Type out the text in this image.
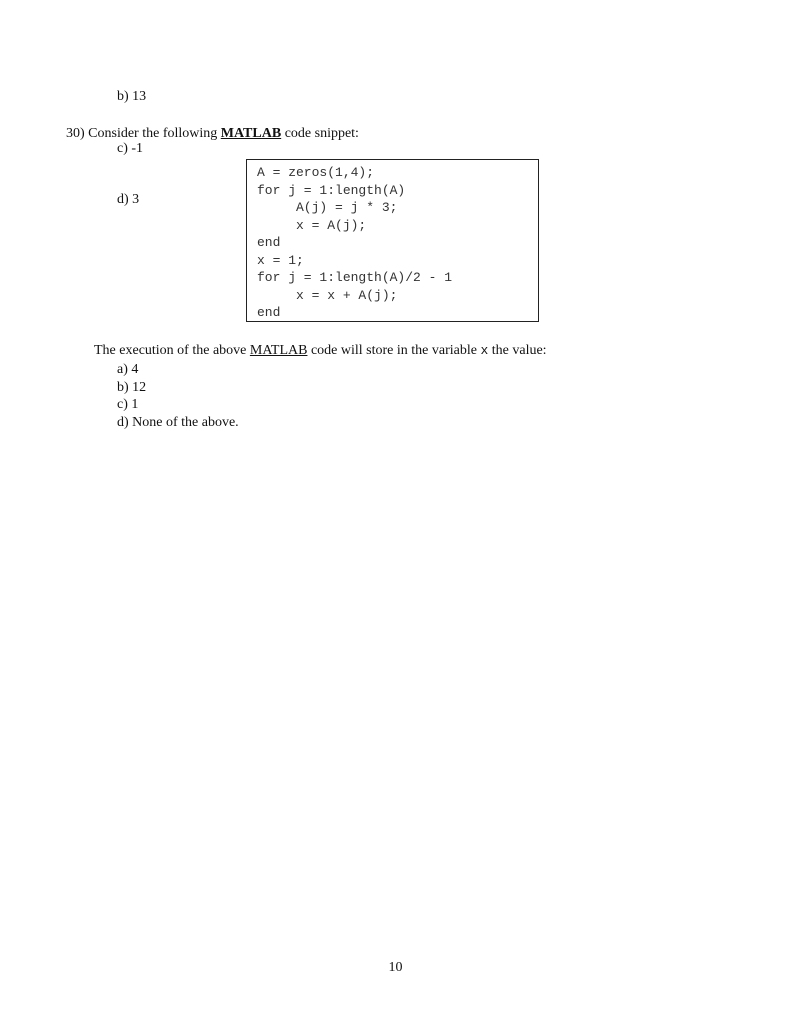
b) 13

c) -1

d) 3

30) Consider the following MATLAB code snippet:
A = zeros(1,4);
for j = 1:length(A)
A(j) = j * 3;
x = A(j);
end
x = 1;
for j = 1:length(A)/2 - 1
x = x + A(j);
end
The execution of the above MATLAB code will store in the variable x the value:
a) 4
b) 12
c) 1
d) None of the above.
10
